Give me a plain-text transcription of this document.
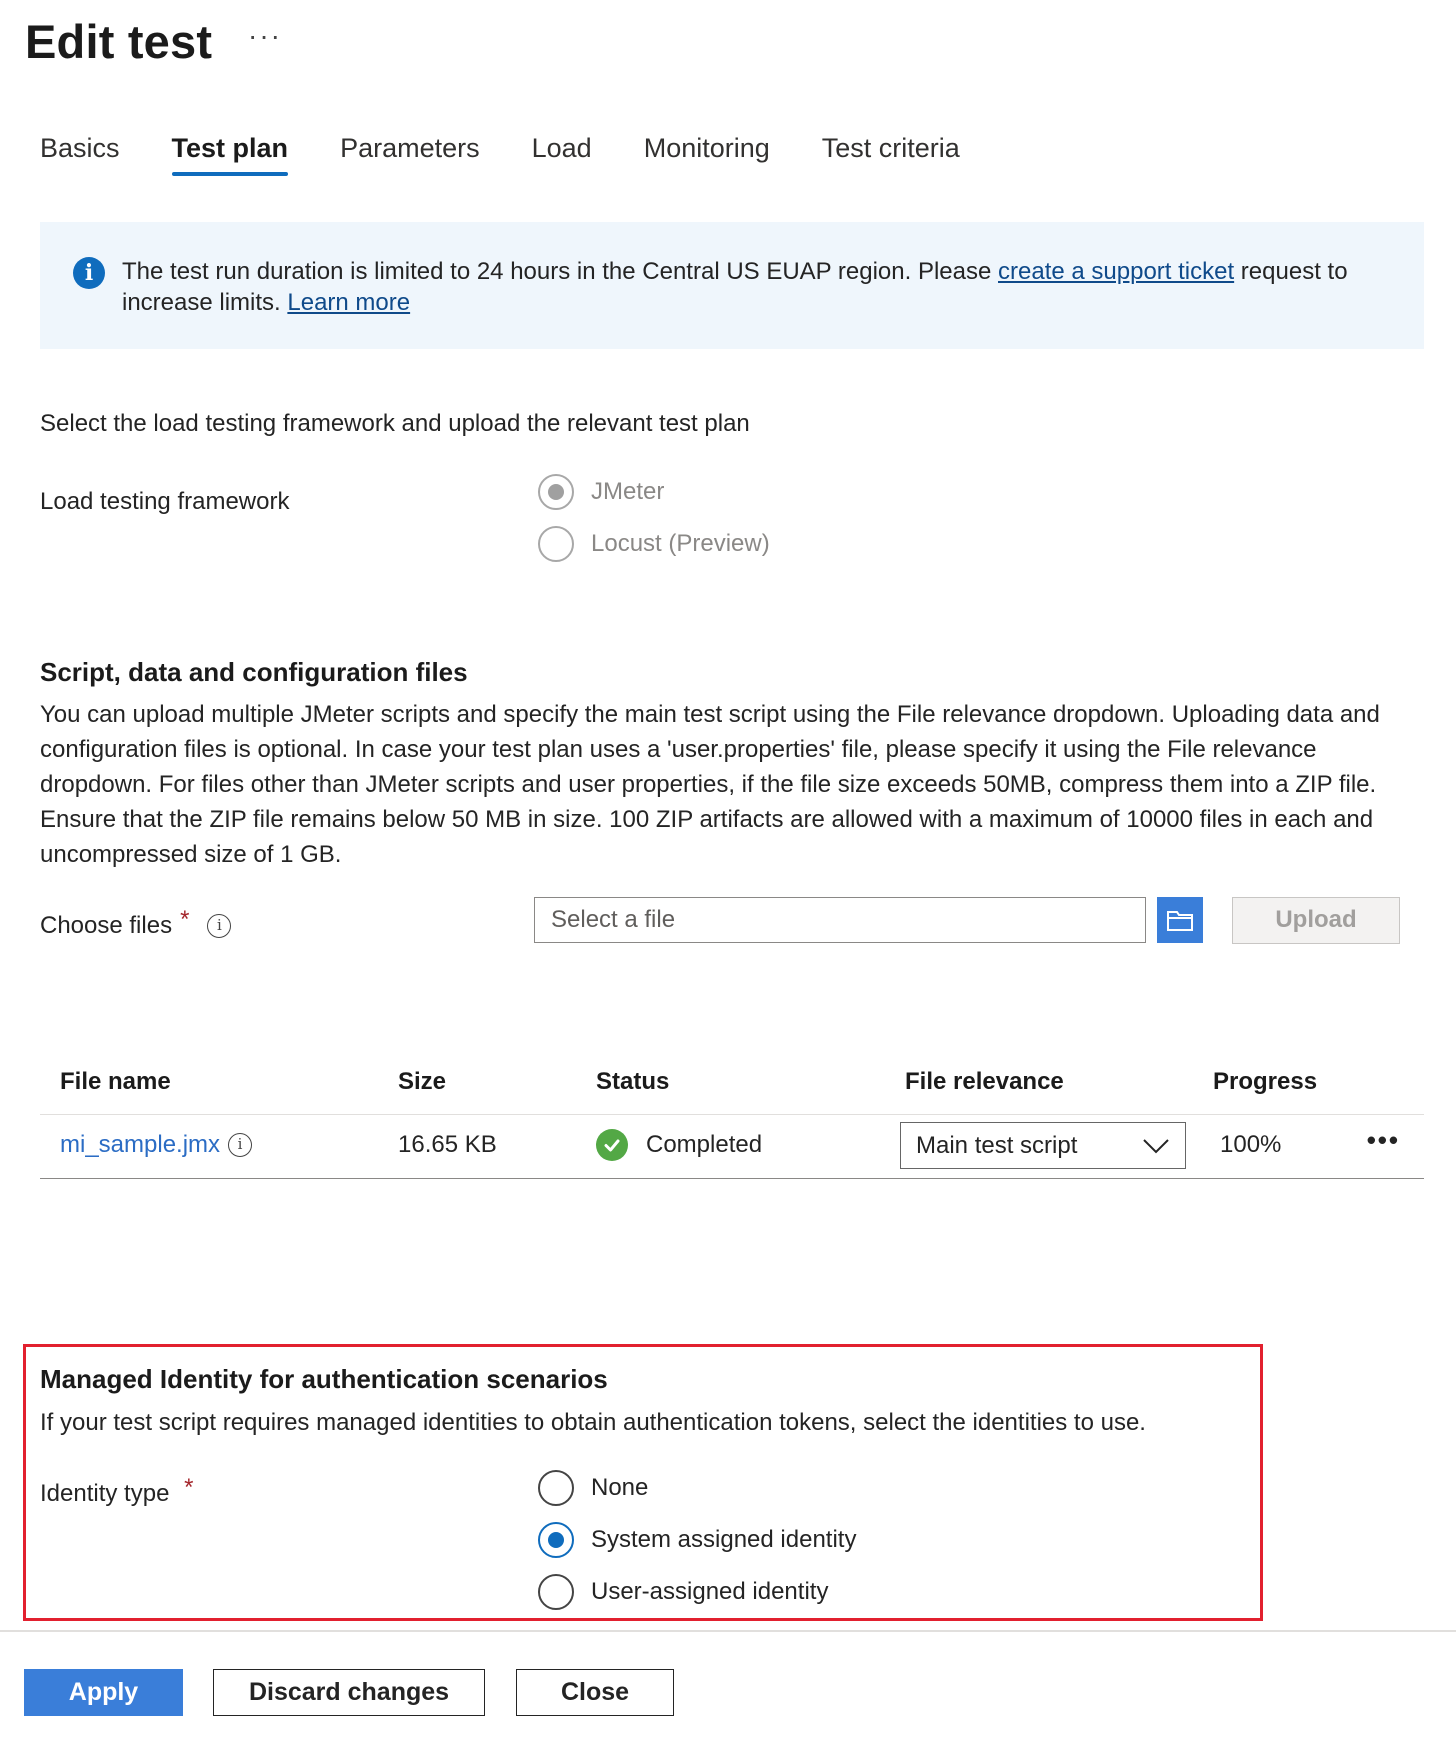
Edit test ···
Basics Test plan Parameters Load Monitoring Test criteria
i	The test run duration is limited to 24 hours in the Central US EUAP region. Please create a support ticket request to increase limits. Learn more
Select the load testing framework and upload the relevant test plan
Load testing framework	JMeter
Locust (Preview)
Script, data and configuration files
You can upload multiple JMeter scripts and specify the main test script using the File relevance dropdown. Uploading data and configuration files is optional. In case your test plan uses a 'user.properties' file, please specify it using the File relevance dropdown. For files other than JMeter scripts and user properties, if the file size exceeds 50MB, compress them into a ZIP file. Ensure that the ZIP file remains below 50 MB in size. 100 ZIP artifacts are allowed with a maximum of 10000 files in each and uncompressed size of 1 GB.
Choose files *	i	Select a file	Upload
File name	Size	Status	File relevance	Progress
mi_sample.jmx	i	16.65 KB	Completed	Main test script	100%	•••
Managed Identity for authentication scenarios
If your test script requires managed identities to obtain authentication tokens, select the identities to use.
Identity type *	None
System assigned identity
User-assigned identity
Apply	Discard changes	Close
